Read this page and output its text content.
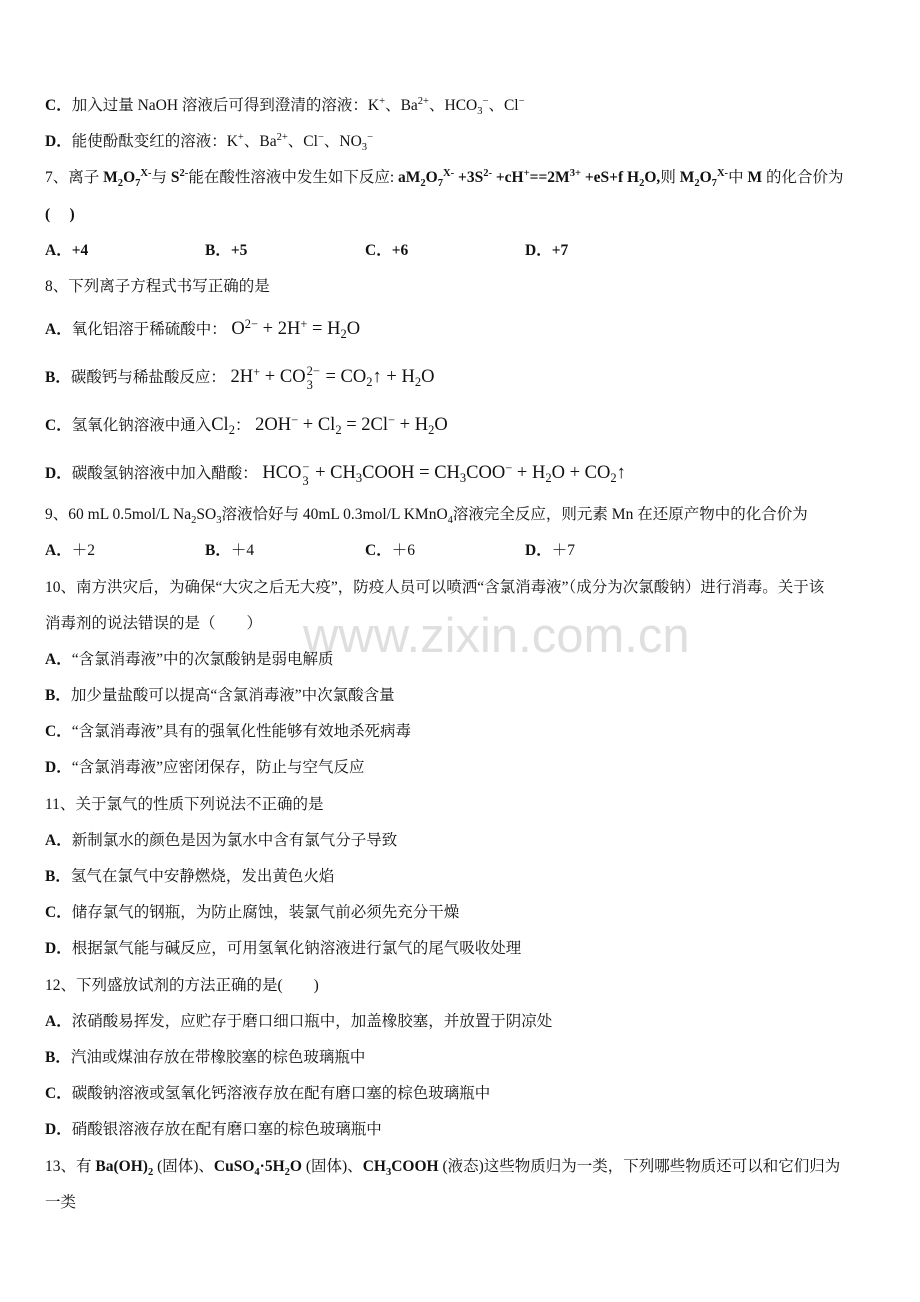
C．加入过量 NaOH 溶液后可得到澄清的溶液：K+、$Ba^{2+}$、$HCO_3^-$、Cl−
D．能使酚酞变红的溶液：K+、$Ba^{2+}$、Cl−、$NO_3^-$
7、离子 $M_2O_7^{X-}$与 $S^{2-}$能在酸性溶液中发生如下反应: $aM_2O_7^{X-} +3S^{2-} +cH^+==2M^{3+} +eS+f$ $H_2O$,则 $M_2O_7^{X-}$中 M 的化合价为
(     )
A．+4	B．+5	C．+6	D．+7
8、下列离子方程式书写正确的是
A．氧化铝溶于稀硫酸中： $O^{2-} + 2H^+ = H_2O$
B．碳酸钙与稀盐酸反应： 2H+ + CO 2−
$3 = CO_2↑ + H_2O$
C．氢氧化钠溶液中通入$Cl_2$： $2OH^- + Cl_2 = 2Cl^- + H_2O$
D．碳酸氢钠溶液中加入醋酸： HCO −
$3 + CH_3COOH = CH_3COO^- + H_2O$ + $CO_2↑$
9、60 mL 0.5mol/L $Na_2SO_3$溶液恰好与 40mL 0.3mol/L KMnO$_4$溶液完全反应，则元素 Mn 在还原产物中的化合价为
A．＋2	B．＋4	C．＋6	D．＋7
10、南方洪灾后，为确保“大灾之后无大疫”，防疫人员可以喷洒“含氯消毒液”（成分为次氯酸钠）进行消毒。关于该
消毒剂的说法错误的是（　　）
A．“含氯消毒液”中的次氯酸钠是弱电解质
B．加少量盐酸可以提高“含氯消毒液”中次氯酸含量
C．“含氯消毒液”具有的强氧化性能够有效地杀死病毒
D．“含氯消毒液”应密闭保存，防止与空气反应
11、关于氯气的性质下列说法不正确的是
A．新制氯水的颜色是因为氯水中含有氯气分子导致
B．氢气在氯气中安静燃烧，发出黄色火焰
C．储存氯气的钢瓶，为防止腐蚀，装氯气前必须先充分干燥
D．根据氯气能与碱反应，可用氢氧化钠溶液进行氯气的尾气吸收处理
12、下列盛放试剂的方法正确的是(　　)
A．浓硝酸易挥发，应贮存于磨口细口瓶中，加盖橡胶塞，并放置于阴凉处
B．汽油或煤油存放在带橡胶塞的棕色玻璃瓶中
C．碳酸钠溶液或氢氧化钙溶液存放在配有磨口塞的棕色玻璃瓶中
D．硝酸银溶液存放在配有磨口塞的棕色玻璃瓶中
13、有 $Ba(OH)_2$ (固体)、$CuSO_4\cdot 5H_2O$ (固体)、$CH_3COOH$ (液态)这些物质归为一类，下列哪些物质还可以和它们归为
一类
www.zixin.com.cn
